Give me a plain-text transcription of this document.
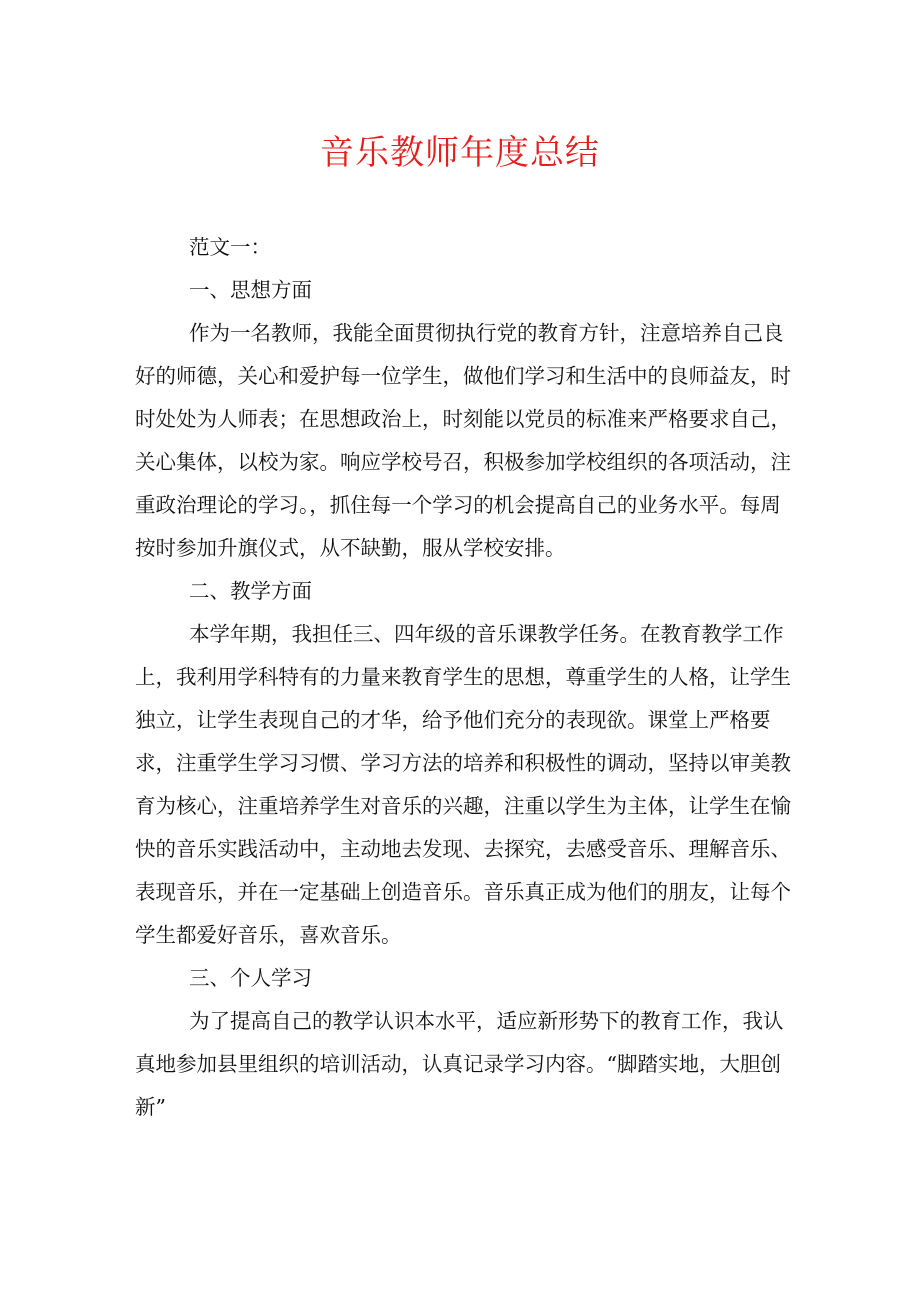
音乐教师年度总结

范文一：

一、思想方面

作为一名教师，我能全面贯彻执行党的教育方针，注意培养自己良好的师德，关心和爱护每一位学生，做他们学习和生活中的良师益友，时时处处为人师表；在思想政治上，时刻能以党员的标准来严格要求自己，关心集体，以校为家。响应学校号召，积极参加学校组织的各项活动，注重政治理论的学习。，抓住每一个学习的机会提高自己的业务水平。每周按时参加升旗仪式，从不缺勤，服从学校安排。

二、教学方面

本学年期，我担任三、四年级的音乐课教学任务。在教育教学工作上，我利用学科特有的力量来教育学生的思想，尊重学生的人格，让学生独立，让学生表现自己的才华，给予他们充分的表现欲。课堂上严格要求，注重学生学习习惯、学习方法的培养和积极性的调动，坚持以审美教育为核心，注重培养学生对音乐的兴趣，注重以学生为主体，让学生在愉快的音乐实践活动中，主动地去发现、去探究，去感受音乐、理解音乐、表现音乐，并在一定基础上创造音乐。音乐真正成为他们的朋友，让每个学生都爱好音乐，喜欢音乐。

三、个人学习

为了提高自己的教学认识本水平，适应新形势下的教育工作，我认真地参加县里组织的培训活动，认真记录学习内容。“脚踏实地，大胆创新”
